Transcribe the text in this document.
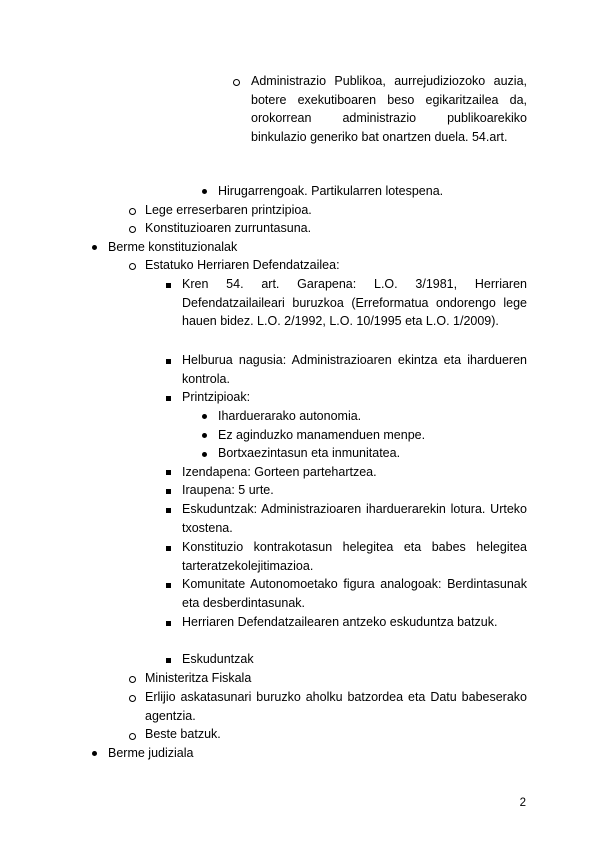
Administrazio Publikoa, aurrejudiziozoko auzia, botere exekutiboaren beso egikaritzailea da, orokorrean administrazio publikoarekiko binkulazio generiko bat onartzen duela. 54.art.
Hirugarrengoak. Partikularren lotespena.
Lege erreserbaren printzipioa.
Konstituzioaren zurruntasuna.
Berme konstituzionalak
Estatuko Herriaren Defendatzailea:
Kren 54. art. Garapena: L.O. 3/1981, Herriaren Defendatzailaileari buruzkoa (Erreformatua ondorengo lege hauen bidez. L.O. 2/1992, L.O. 10/1995 eta L.O. 1/2009).
Helburua nagusia: Administrazioaren ekintza eta ihardueren kontrola.
Printzipioak:
Iharduerarako autonomia.
Ez aginduzko manamenduen menpe.
Bortxaezintasun eta inmunitatea.
Izendapena: Gorteen partehartzea.
Iraupena: 5 urte.
Eskuduntzak: Administrazioaren iharduerarekin lotura. Urteko txostena.
Konstituzio kontrakotasun helegitea eta babes helegitea tarteratzekolejitimazioa.
Komunitate Autonomoetako figura analogoak: Berdintasunak eta desberdintasunak.
Herriaren Defendatzailearen antzeko eskuduntza batzuk.
Eskuduntzak
Ministeritza Fiskala
Erlijio askatasunari buruzko aholku batzordea eta Datu babeserako agentzia.
Beste batzuk.
Berme judiziala
2
